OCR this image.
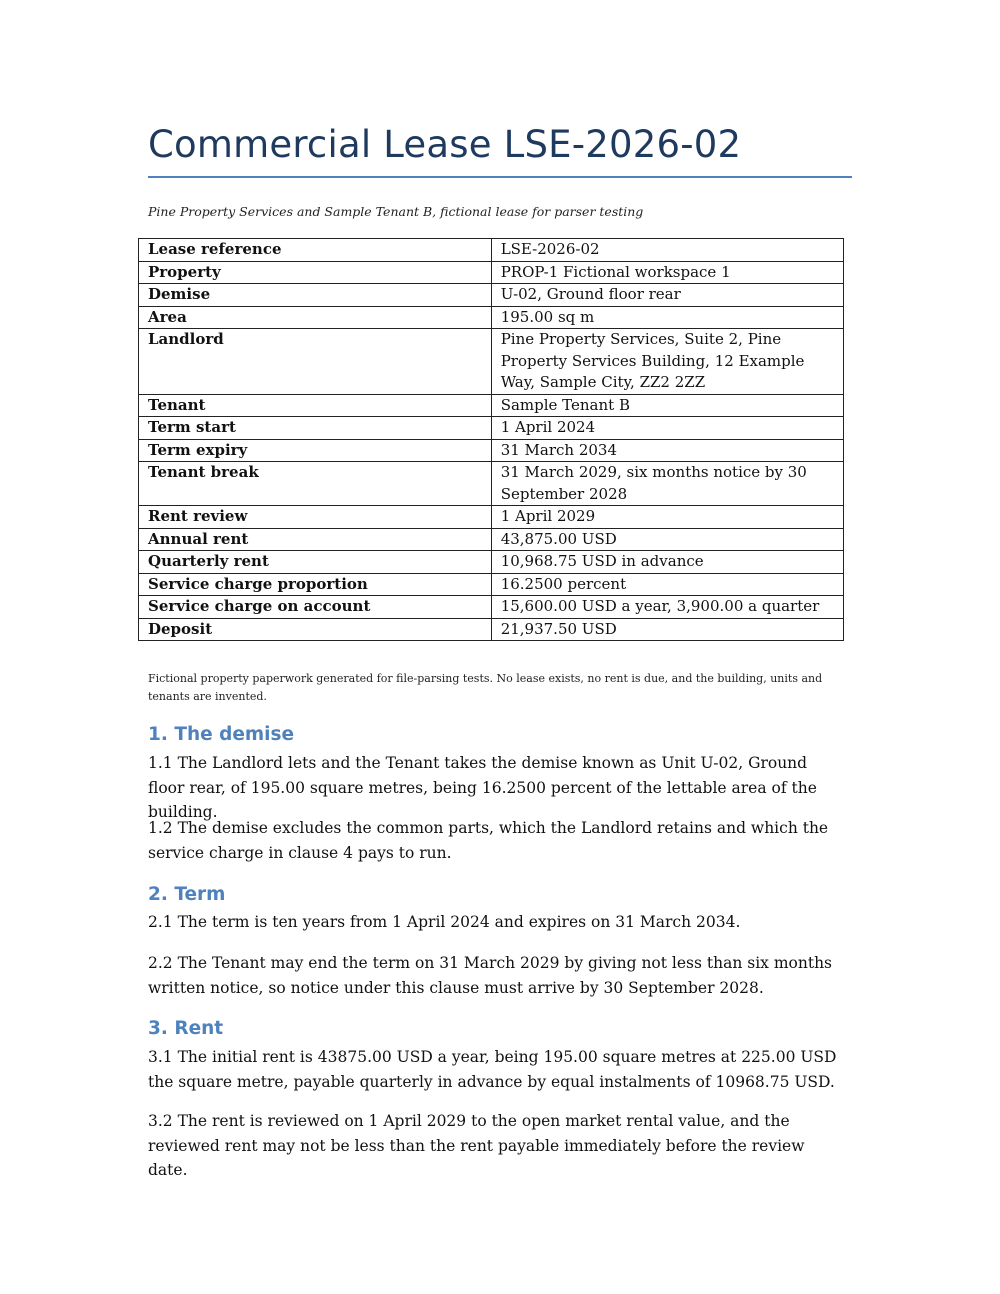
Commercial Lease LSE-2026-02

Pine Property Services and Sample Tenant B, fictional lease for parser testing

Lease reference	LSE-2026-02
Property	PROP-1 Fictional workspace 1
Demise	U-02, Ground floor rear
Area	195.00 sq m
Landlord	Pine Property Services, Suite 2, Pine Property Services Building, 12 Example Way, Sample City, ZZ2 2ZZ
Tenant	Sample Tenant B
Term start	1 April 2024
Term expiry	31 March 2034
Tenant break	31 March 2029, six months notice by 30 September 2028
Rent review	1 April 2029
Annual rent	43,875.00 USD
Quarterly rent	10,968.75 USD in advance
Service charge proportion	16.2500 percent
Service charge on account	15,600.00 USD a year, 3,900.00 a quarter
Deposit	21,937.50 USD

Fictional property paperwork generated for file-parsing tests. No lease exists, no rent is due, and the building, units and tenants are invented.

1. The demise

1.1 The Landlord lets and the Tenant takes the demise known as Unit U-02, Ground floor rear, of 195.00 square metres, being 16.2500 percent of the lettable area of the building.

1.2 The demise excludes the common parts, which the Landlord retains and which the service charge in clause 4 pays to run.

2. Term

2.1 The term is ten years from 1 April 2024 and expires on 31 March 2034.

2.2 The Tenant may end the term on 31 March 2029 by giving not less than six months written notice, so notice under this clause must arrive by 30 September 2028.

3. Rent

3.1 The initial rent is 43875.00 USD a year, being 195.00 square metres at 225.00 USD the square metre, payable quarterly in advance by equal instalments of 10968.75 USD.

3.2 The rent is reviewed on 1 April 2029 to the open market rental value, and the reviewed rent may not be less than the rent payable immediately before the review date.
